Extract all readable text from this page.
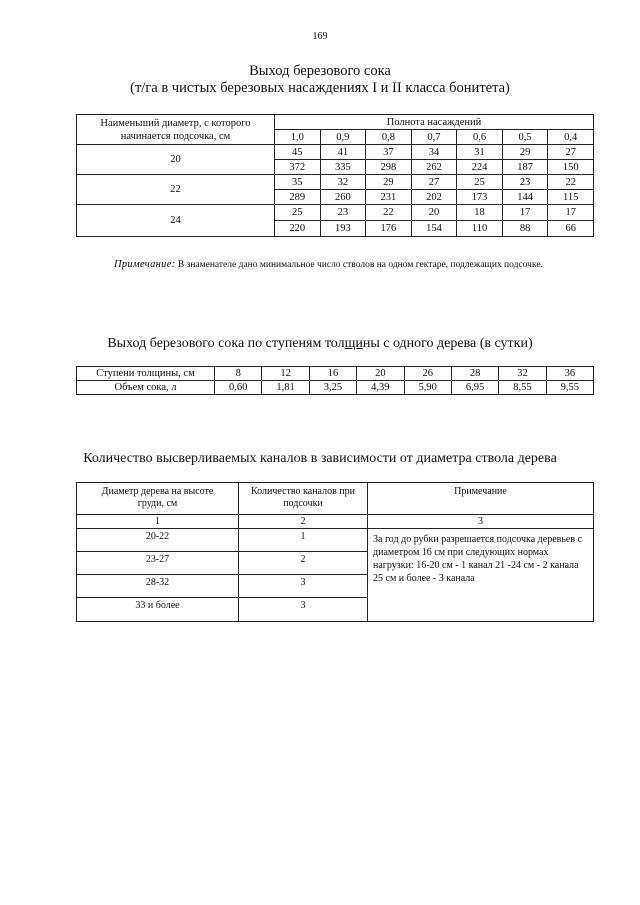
169
Выход березового сока
(т/га в чистых березовых насаждениях I и II класса бонитета)
Наименьший диаметр, с которого начинается подсочка, см	Полнота насаждений						
	1,0	0,9	0,8	0,7	0,6	0,5	0,4
20	45	41	37	34	31	29	27
	372	335	298	262	224	187	150
22	35	32	29	27	25	23	22
	289	260	231	202	173	144	115
24	25	23	22	20	18	17	17
	220	193	176	154	110	88	66
Примечание: В знаменателе дано минимальное число стволов на одном гектаре, подлежащих подсочке.
Выход березового сока по ступеням толщины с одного дерева (в сутки)
Ступени толщины, см	8	12	16	20	26	28	32	36
Объем сока, л	0,60	1,81	3,25	4,39	5,90	6,95	8,55	9,55
Количество высверливаемых каналов в зависимости от диаметра ствола дерева
Диаметр дерева на высоте груди, см	Количество каналов при подсочки	Примечание
1	2	3
20-22	1	За год до рубки разрешается подсочка деревьев с диаметром 16 см при следующих нормах нагрузки: 16-20 см - 1 канал 21 -24 см - 2 канала 25 см и более - 3 канала
23-27	2	
28-32	3	
33 и более	3	
